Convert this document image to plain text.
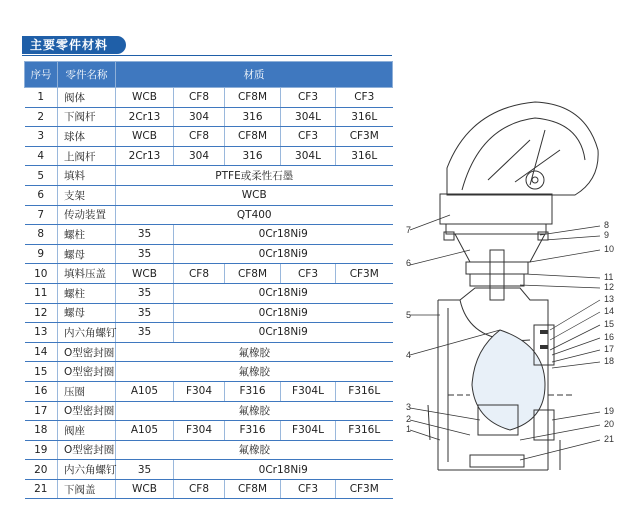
主要零件材料
序号	零件名称	材质				
1	阀体	WCB	CF8	CF8M	CF3	CF3
2	下阀杆	2Cr13	304	316	304L	316L
3	球体	WCB	CF8	CF8M	CF3	CF3M
4	上阀杆	2Cr13	304	316	304L	316L
5	填料	PTFE或柔性石墨				
6	支架	WCB				
7	传动装置	QT400				
8	螺柱	35	0Cr18Ni9			
9	螺母	35	0Cr18Ni9			
10	填料压盖	WCB	CF8	CF8M	CF3	CF3M
11	螺柱	35	0Cr18Ni9			
12	螺母	35	0Cr18Ni9			
13	内六角螺钉	35	0Cr18Ni9			
14	O型密封圈	氟橡胶				
15	O型密封圈	氟橡胶				
16	压圈	A105	F304	F316	F304L	F316L
17	O型密封圈	氟橡胶				
18	阀座	A105	F304	F316	F304L	F316L
19	O型密封圈	氟橡胶				
20	内六角螺钉	35	0Cr18Ni9			
21	下阀盖	WCB	CF8	CF8M	CF3	CF3M
7
6
5
4
3
2
1
8
9
10
11
12
13
14
15
16
17
18
19
20
21
